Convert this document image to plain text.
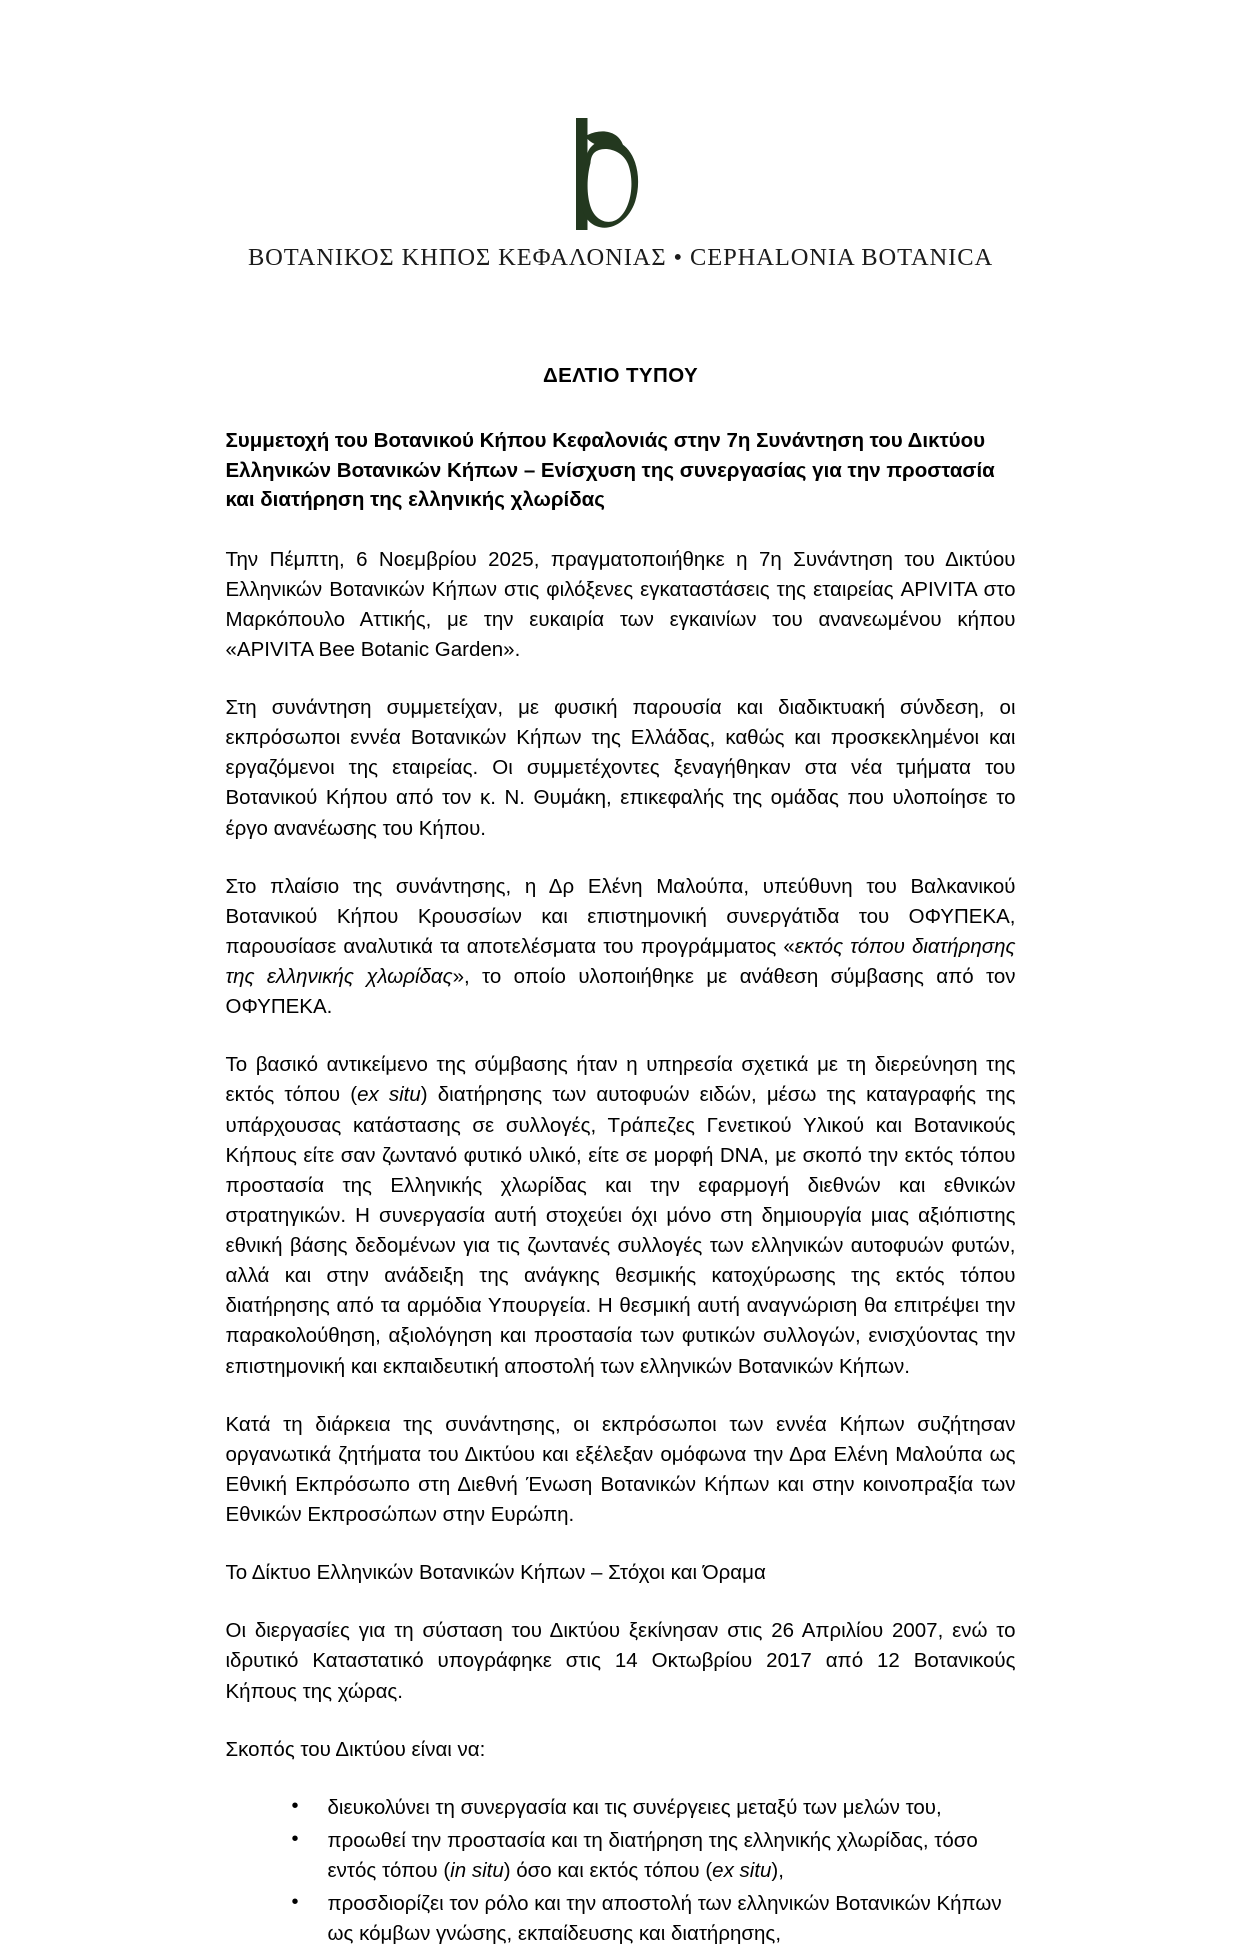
ΒΟΤΑΝΙΚΟΣ ΚΗΠΟΣ ΚΕΦΑΛΟΝΙΑΣ • CEPHALONIA BOTANICA
ΔΕΛΤΙΟ ΤΥΠΟΥ

Συμμετοχή του Βοτανικού Κήπου Κεφαλονιάς στην 7η Συνάντηση του Δικτύου Ελληνικών Βοτανικών Κήπων – Ενίσχυση της συνεργασίας για την προστασία και διατήρηση της ελληνικής χλωρίδας

Την Πέμπτη, 6 Νοεμβρίου 2025, πραγματοποιήθηκε η 7η Συνάντηση του Δικτύου Ελληνικών Βοτανικών Κήπων στις φιλόξενες εγκαταστάσεις της εταιρείας APIVITA στο Μαρκόπουλο Αττικής, με την ευκαιρία των εγκαινίων του ανανεωμένου κήπου «APIVITA Bee Botanic Garden».

Στη συνάντηση συμμετείχαν, με φυσική παρουσία και διαδικτυακή σύνδεση, οι εκπρόσωποι εννέα Βοτανικών Κήπων της Ελλάδας, καθώς και προσκεκλημένοι και εργαζόμενοι της εταιρείας. Οι συμμετέχοντες ξεναγήθηκαν στα νέα τμήματα του Βοτανικού Κήπου από τον κ. Ν. Θυμάκη, επικεφαλής της ομάδας που υλοποίησε το έργο ανανέωσης του Κήπου.

Στο πλαίσιο της συνάντησης, η Δρ Ελένη Μαλούπα, υπεύθυνη του Βαλκανικού Βοτανικού Κήπου Κρουσσίων και επιστημονική συνεργάτιδα του ΟΦΥΠΕΚΑ, παρουσίασε αναλυτικά τα αποτελέσματα του προγράμματος «εκτός τόπου διατήρησης της ελληνικής χλωρίδας», το οποίο υλοποιήθηκε με ανάθεση σύμβασης από τον ΟΦΥΠΕΚΑ.

Το βασικό αντικείμενο της σύμβασης ήταν η υπηρεσία σχετικά με τη διερεύνηση της εκτός τόπου (ex situ) διατήρησης των αυτοφυών ειδών, μέσω της καταγραφής της υπάρχουσας κατάστασης σε συλλογές, Τράπεζες Γενετικού Υλικού και Βοτανικούς Κήπους είτε σαν ζωντανό φυτικό υλικό, είτε σε μορφή DNA, με σκοπό την εκτός τόπου προστασία της Ελληνικής χλωρίδας και την εφαρμογή διεθνών και εθνικών στρατηγικών. Η συνεργασία αυτή στοχεύει όχι μόνο στη δημιουργία μιας αξιόπιστης εθνική βάσης δεδομένων για τις ζωντανές συλλογές των ελληνικών αυτοφυών φυτών, αλλά και στην ανάδειξη της ανάγκης θεσμικής κατοχύρωσης της εκτός τόπου διατήρησης από τα αρμόδια Υπουργεία. Η θεσμική αυτή αναγνώριση θα επιτρέψει την παρακολούθηση, αξιολόγηση και προστασία των φυτικών συλλογών, ενισχύοντας την επιστημονική και εκπαιδευτική αποστολή των ελληνικών Βοτανικών Κήπων.

Κατά τη διάρκεια της συνάντησης, οι εκπρόσωποι των εννέα Κήπων συζήτησαν οργανωτικά ζητήματα του Δικτύου και εξέλεξαν ομόφωνα την Δρα Ελένη Μαλούπα ως Εθνική Εκπρόσωπο στη Διεθνή Ένωση Βοτανικών Κήπων και στην κοινοπραξία των Εθνικών Εκπροσώπων στην Ευρώπη.

Το Δίκτυο Ελληνικών Βοτανικών Κήπων – Στόχοι και Όραμα

Οι διεργασίες για τη σύσταση του Δικτύου ξεκίνησαν στις 26 Απριλίου 2007, ενώ το ιδρυτικό Καταστατικό υπογράφηκε στις 14 Οκτωβρίου 2017 από 12 Βοτανικούς Κήπους της χώρας.

Σκοπός του Δικτύου είναι να:

• διευκολύνει τη συνεργασία και τις συνέργειες μεταξύ των μελών του,
• προωθεί την προστασία και τη διατήρηση της ελληνικής χλωρίδας, τόσο εντός τόπου (in situ) όσο και εκτός τόπου (ex situ),
• προσδιορίζει τον ρόλο και την αποστολή των ελληνικών Βοτανικών Κήπων ως κόμβων γνώσης, εκπαίδευσης και διατήρησης,
